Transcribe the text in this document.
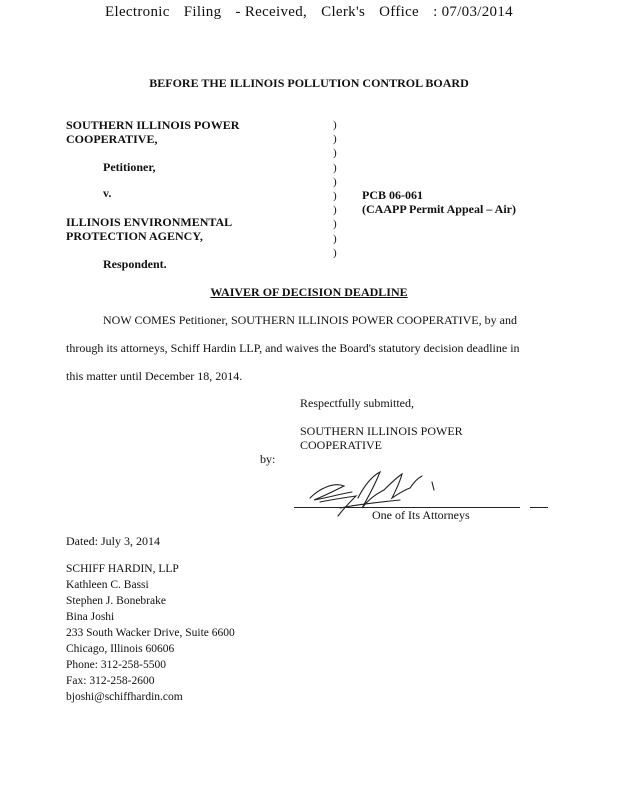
Electronic Filing - Received, Clerk's Office : 07/03/2014
BEFORE THE ILLINOIS POLLUTION CONTROL BOARD
SOUTHERN ILLINOIS POWER
COOPERATIVE,
Petitioner,
v.
ILLINOIS ENVIRONMENTAL
PROTECTION AGENCY,
Respondent.
)
)
)
)
)
)
)
)
)
)
PCB 06-061
(CAAPP Permit Appeal – Air)
WAIVER OF DECISION DEADLINE
NOW COMES Petitioner, SOUTHERN ILLINOIS POWER COOPERATIVE, by and
through its attorneys, Schiff Hardin LLP, and waives the Board's statutory decision deadline in
this matter until December 18, 2014.
Respectfully submitted,
SOUTHERN ILLINOIS POWER
COOPERATIVE
by:
One of Its Attorneys
Dated: July 3, 2014
SCHIFF HARDIN, LLP
Kathleen C. Bassi
Stephen J. Bonebrake
Bina Joshi
233 South Wacker Drive, Suite 6600
Chicago, Illinois 60606
Phone: 312-258-5500
Fax: 312-258-2600
bjoshi@schiffhardin.com
